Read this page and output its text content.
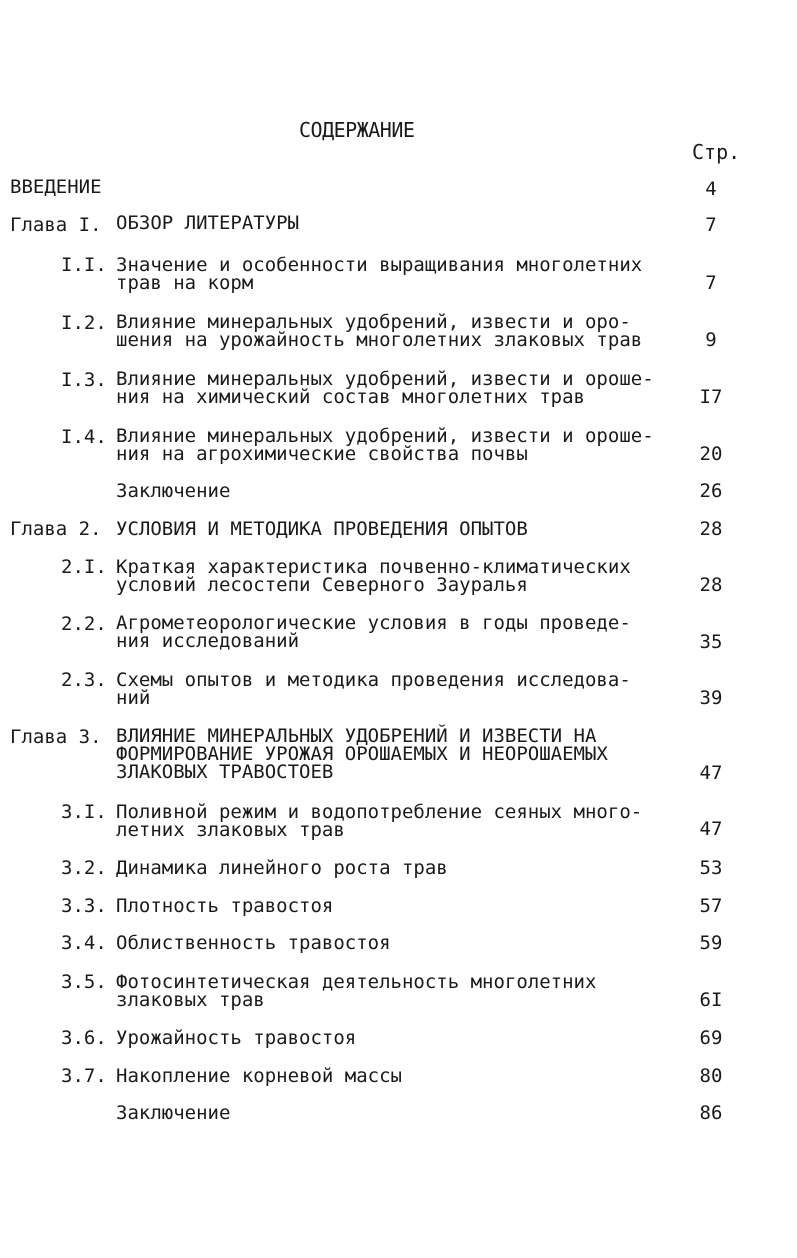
СОДЕРЖАНИЕ
Стр.
ВВЕДЕНИЕ	4
Глава I. ОБЗОР ЛИТЕРАТУРЫ	7
I.I. Значение и особенности выращивания многолетних
трав на корм	7
I.2. Влияние минеральных удобрений, извести и оро-
шения на урожайность многолетних злаковых трав	9
I.3. Влияние минеральных удобрений, извести и ороше-
ния на химический состав многолетних трав	I7
I.4. Влияние минеральных удобрений, извести и ороше-
ния на агрохимические свойства почвы	20
Заключение	26
Глава 2. УСЛОВИЯ И МЕТОДИКА ПРОВЕДЕНИЯ ОПЫТОВ	28
2.I. Краткая характеристика почвенно-климатических
условий лесостепи Северного Зауралья	28
2.2. Агрометеорологические условия в годы проведе-
ния исследований	35
2.3. Схемы опытов и методика проведения исследова-
ний	39
Глава 3. ВЛИЯНИЕ МИНЕРАЛЬНЫХ УДОБРЕНИЙ И ИЗВЕСТИ НА
ФОРМИРОВАНИЕ УРОЖАЯ ОРОШАЕМЫХ И НЕОРОШАЕМЫХ
ЗЛАКОВЫХ ТРАВОСТОЕВ	47
3.I. Поливной режим и водопотребление сеяных много-
летних злаковых трав	47
3.2. Динамика линейного роста трав	53
3.3. Плотность травостоя	57
3.4. Облиственность травостоя	59
3.5. Фотосинтетическая деятельность многолетних
злаковых трав	6I
3.6. Урожайность травостоя	69
3.7. Накопление корневой массы	80
Заключение	86
